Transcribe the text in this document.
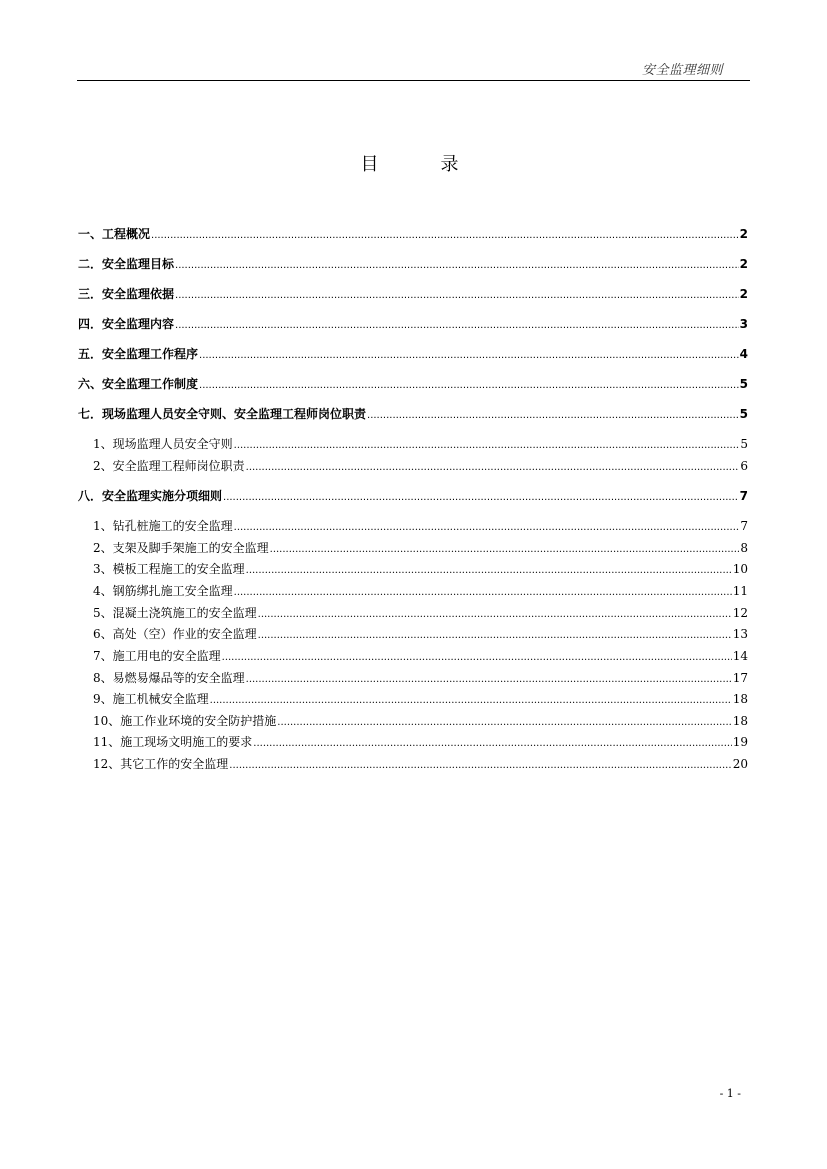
安全监理细则
目　录
一、工程概况 .....	2
二．安全监理目标 .....	2
三．安全监理依据 .....	2
四．安全监理内容 .....	3
五．安全监理工作程序 .....	4
六、安全监理工作制度 .....	5
七．现场监理人员安全守则、安全监理工程师岗位职责 .....	5
1、现场监理人员安全守则 .....	5
2、安全监理工程师岗位职责 .....	6
八．安全监理实施分项细则 .....	7
1、钻孔桩施工的安全监理 .....	7
2、支架及脚手架施工的安全监理 .....	8
3、模板工程施工的安全监理 .....	10
4、钢筋绑扎施工安全监理 .....	11
5、混凝土浇筑施工的安全监理 .....	12
6、高处（空）作业的安全监理 .....	13
7、施工用电的安全监理 .....	14
8、易燃易爆品等的安全监理 .....	17
9、施工机械安全监理 .....	18
10、施工作业环境的安全防护措施 .....	18
11、施工现场文明施工的要求 .....	19
12、其它工作的安全监理 .....	20
- 1 -
